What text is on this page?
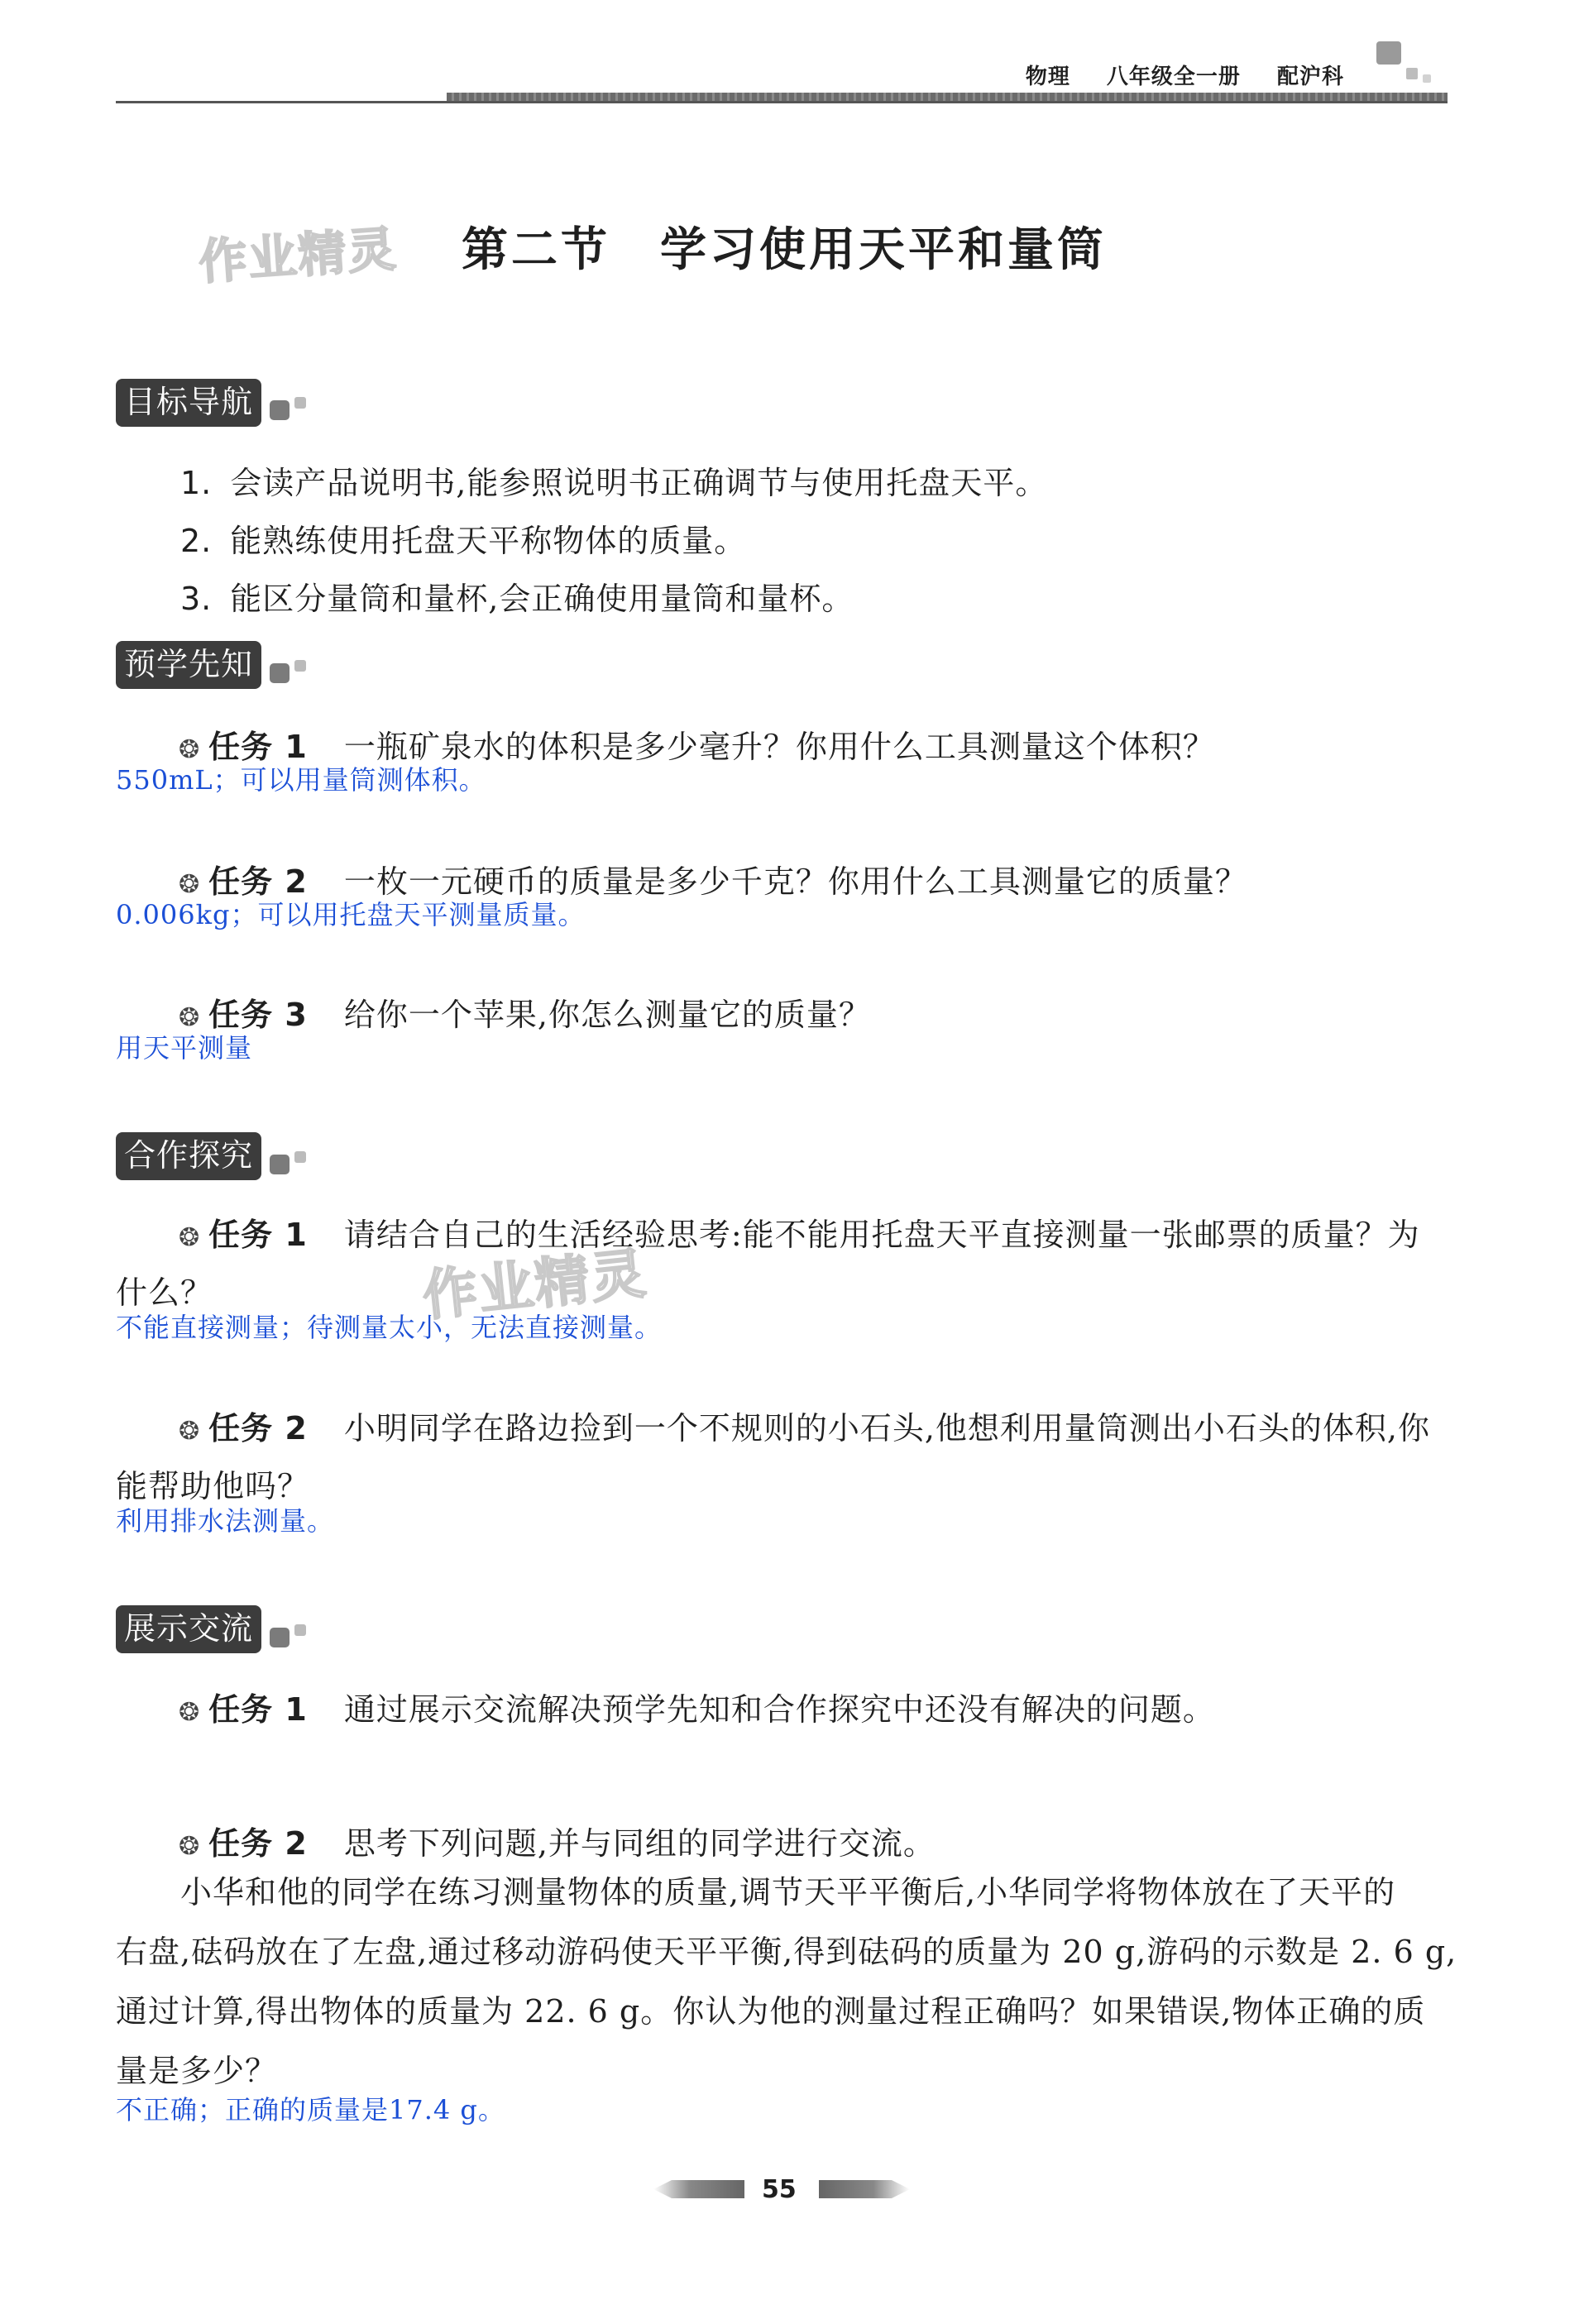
物理 八年级全一册 配沪科
作业精灵
作业精灵
第二节　学习使用天平和量筒
目标导航
1. 会读产品说明书,能参照说明书正确调节与使用托盘天平。
2. 能熟练使用托盘天平称物体的质量。
3. 能区分量筒和量杯,会正确使用量筒和量杯。
预学先知
❂ 任务 1 一瓶矿泉水的体积是多少毫升？你用什么工具测量这个体积？
550mL；可以用量筒测体积。
❂ 任务 2 一枚一元硬币的质量是多少千克？你用什么工具测量它的质量？
0.006kg；可以用托盘天平测量质量。
❂ 任务 3 给你一个苹果,你怎么测量它的质量？
用天平测量
合作探究
❂ 任务 1 请结合自己的生活经验思考:能不能用托盘天平直接测量一张邮票的质量？为
什么？
不能直接测量；待测量太小，无法直接测量。
❂ 任务 2 小明同学在路边捡到一个不规则的小石头,他想利用量筒测出小石头的体积,你
能帮助他吗？
利用排水法测量。
展示交流
❂ 任务 1 通过展示交流解决预学先知和合作探究中还没有解决的问题。
❂ 任务 2 思考下列问题,并与同组的同学进行交流。
小华和他的同学在练习测量物体的质量,调节天平平衡后,小华同学将物体放在了天平的
右盘,砝码放在了左盘,通过移动游码使天平平衡,得到砝码的质量为 20 g,游码的示数是 2. 6 g,
通过计算,得出物体的质量为 22. 6 g。你认为他的测量过程正确吗？如果错误,物体正确的质
量是多少？
不正确；正确的质量是17.4 g。
55
